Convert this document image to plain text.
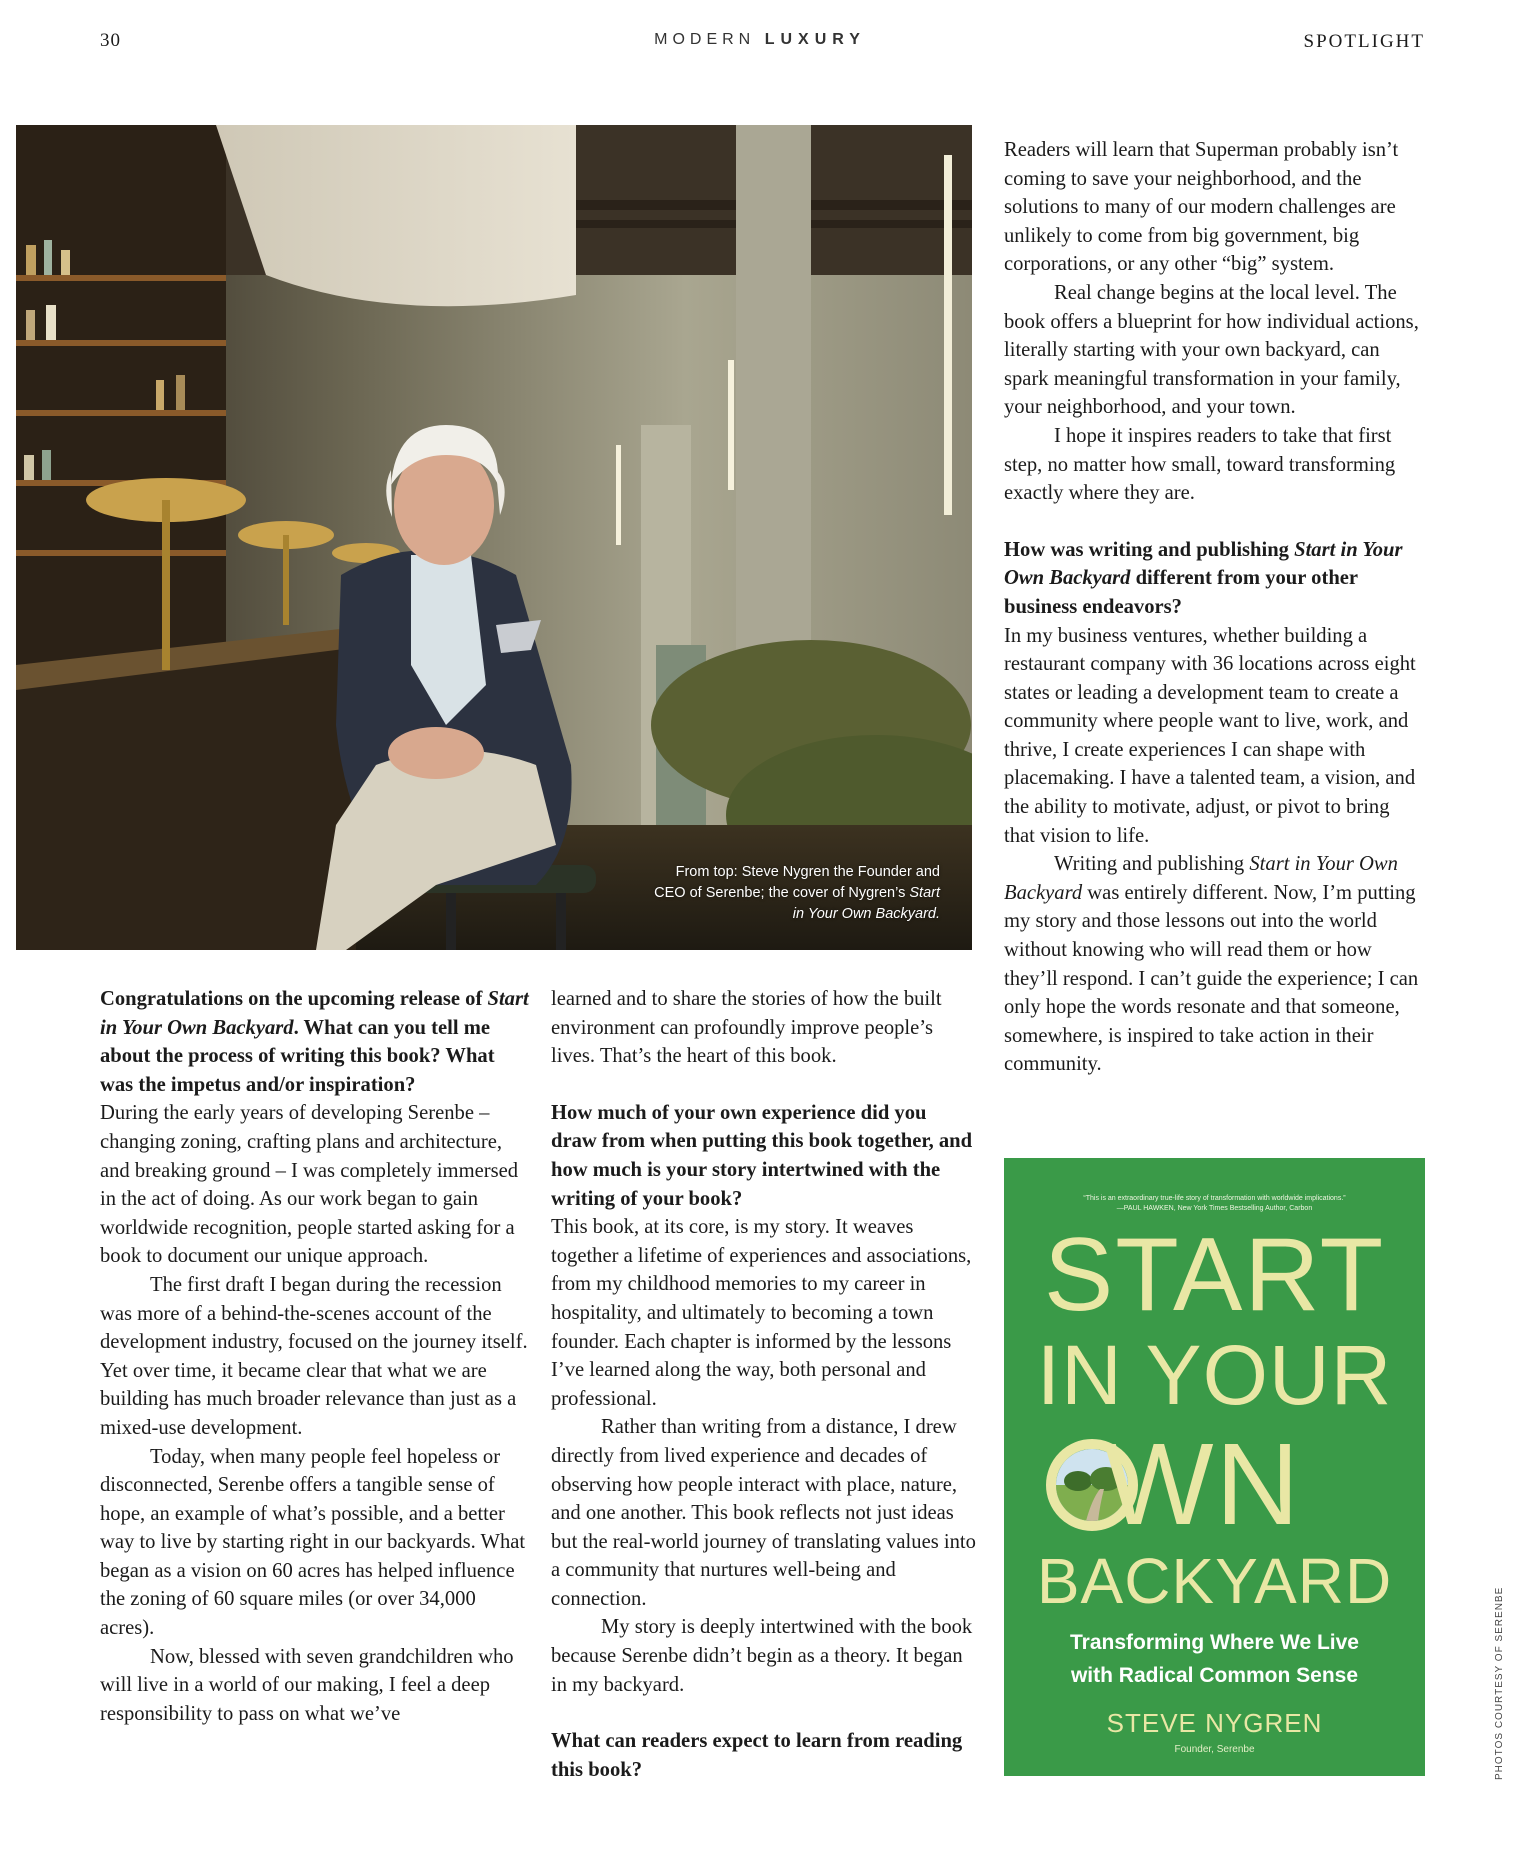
30	MODERN LUXURY	SPOTLIGHT
From top: Steve Nygren the Founder and CEO of Serenbe; the cover of Nygren’s Start in Your Own Backyard.

Congratulations on the upcoming release of Start in Your Own Backyard. What can you tell me about the process of writing this book? What was the impetus and/or inspiration?

During the early years of developing Serenbe – changing zoning, crafting plans and architecture, and breaking ground – I was completely immersed in the act of doing. As our work began to gain worldwide recognition, people started asking for a book to document our unique approach.

The first draft I began during the recession was more of a behind-the-scenes account of the development industry, focused on the journey itself. Yet over time, it became clear that what we are building has much broader relevance than just as a mixed-use development.

Today, when many people feel hopeless or disconnected, Serenbe offers a tangible sense of hope, an example of what’s possible, and a better way to live by starting right in our backyards. What began as a vision on 60 acres has helped influence the zoning of 60 square miles (or over 34,000 acres).

Now, blessed with seven grandchildren who will live in a world of our making, I feel a deep responsibility to pass on what we’ve

learned and to share the stories of how the built environment can profoundly improve people’s lives. That’s the heart of this book.

How much of your own experience did you draw from when putting this book together, and how much is your story intertwined with the writing of your book?

This book, at its core, is my story. It weaves together a lifetime of experiences and associations, from my childhood memories to my career in hospitality, and ultimately to becoming a town founder. Each chapter is informed by the lessons I’ve learned along the way, both personal and professional.

Rather than writing from a distance, I drew directly from lived experience and decades of observing how people interact with place, nature, and one another. This book reflects not just ideas but the real-world journey of translating values into a community that nurtures well-being and connection.

My story is deeply intertwined with the book because Serenbe didn’t begin as a theory. It began in my backyard.

What can readers expect to learn from reading this book?

Readers will learn that Superman probably isn’t coming to save your neighborhood, and the solutions to many of our modern challenges are unlikely to come from big government, big corporations, or any other “big” system.

Real change begins at the local level. The book offers a blueprint for how individual actions, literally starting with your own backyard, can spark meaningful transformation in your family, your neighborhood, and your town.

I hope it inspires readers to take that first step, no matter how small, toward transforming exactly where they are.

How was writing and publishing Start in Your Own Backyard different from your other business endeavors?

In my business ventures, whether building a restaurant company with 36 locations across eight states or leading a development team to create a community where people want to live, work, and thrive, I create experiences I can shape with placemaking. I have a talented team, a vision, and the ability to motivate, adjust, or pivot to bring that vision to life.

Writing and publishing Start in Your Own Backyard was entirely different. Now, I’m putting my story and those lessons out into the world without knowing who will read them or how they’ll respond. I can’t guide the experience; I can only hope the words resonate and that someone, somewhere, is inspired to take action in their community.

“This is an extraordinary true-life story of transformation with worldwide implications.”
—PAUL HAWKEN, New York Times Bestselling Author, Carbon
START
IN YOUR
WN
BACKYARD
Transforming Where We Live
with Radical Common Sense
STEVE NYGREN
Founder, Serenbe	PHOTOS COURTESY OF SERENBE
